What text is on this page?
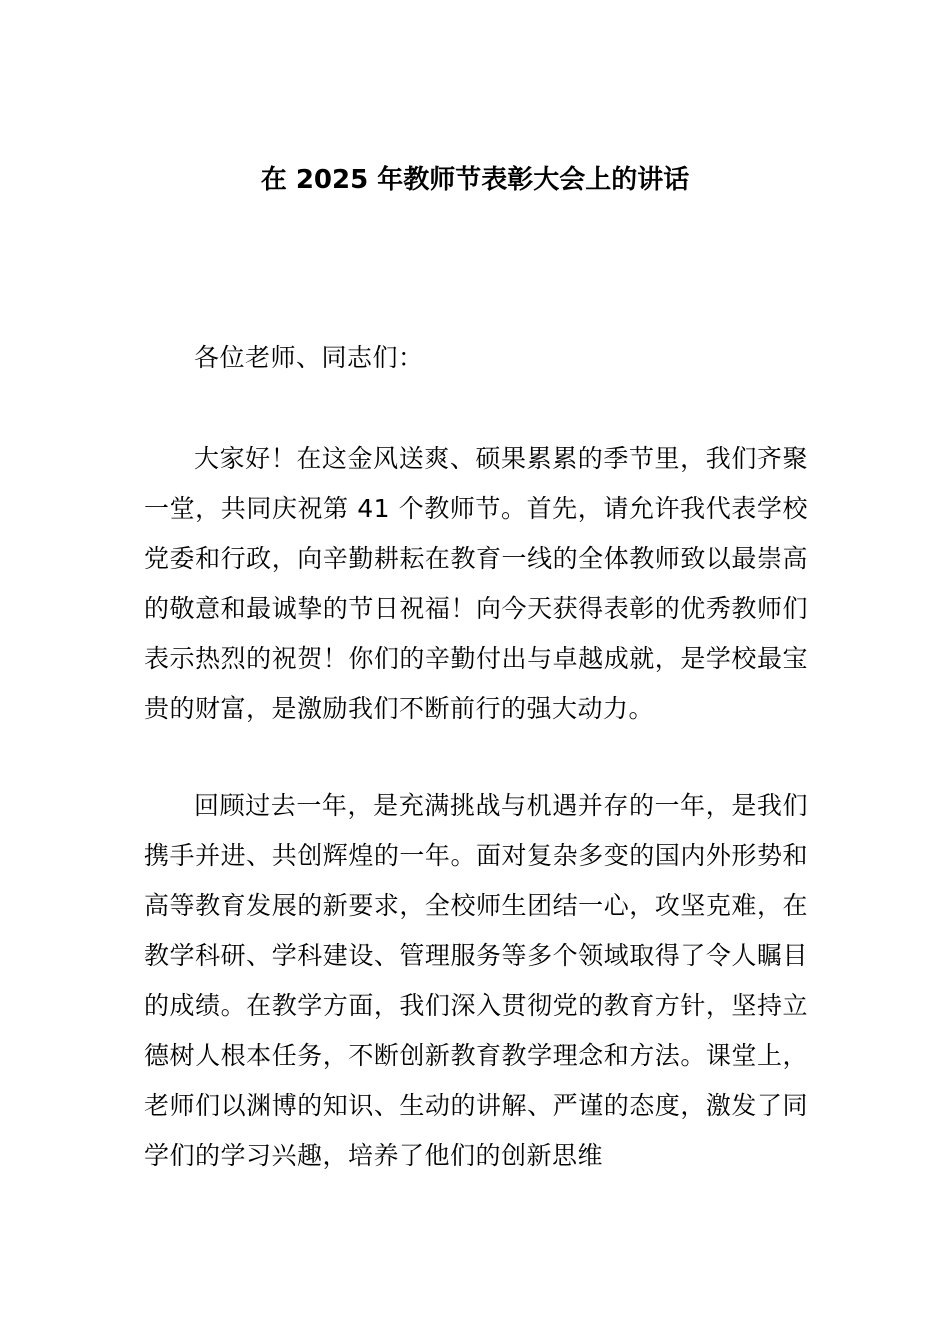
在 2025 年教师节表彰大会上的讲话

各位老师、同志们：

大家好！在这金风送爽、硕果累累的季节里，我们齐聚一堂，共同庆祝第 41 个教师节。首先，请允许我代表学校党委和行政，向辛勤耕耘在教育一线的全体教师致以最崇高的敬意和最诚挚的节日祝福！向今天获得表彰的优秀教师们表示热烈的祝贺！你们的辛勤付出与卓越成就，是学校最宝贵的财富，是激励我们不断前行的强大动力。

回顾过去一年，是充满挑战与机遇并存的一年，是我们携手并进、共创辉煌的一年。面对复杂多变的国内外形势和高等教育发展的新要求，全校师生团结一心，攻坚克难，在教学科研、学科建设、管理服务等多个领域取得了令人瞩目的成绩。在教学方面，我们深入贯彻党的教育方针，坚持立德树人根本任务，不断创新教育教学理念和方法。课堂上，老师们以渊博的知识、生动的讲解、严谨的态度，激发了同学们的学习兴趣，培养了他们的创新思维
